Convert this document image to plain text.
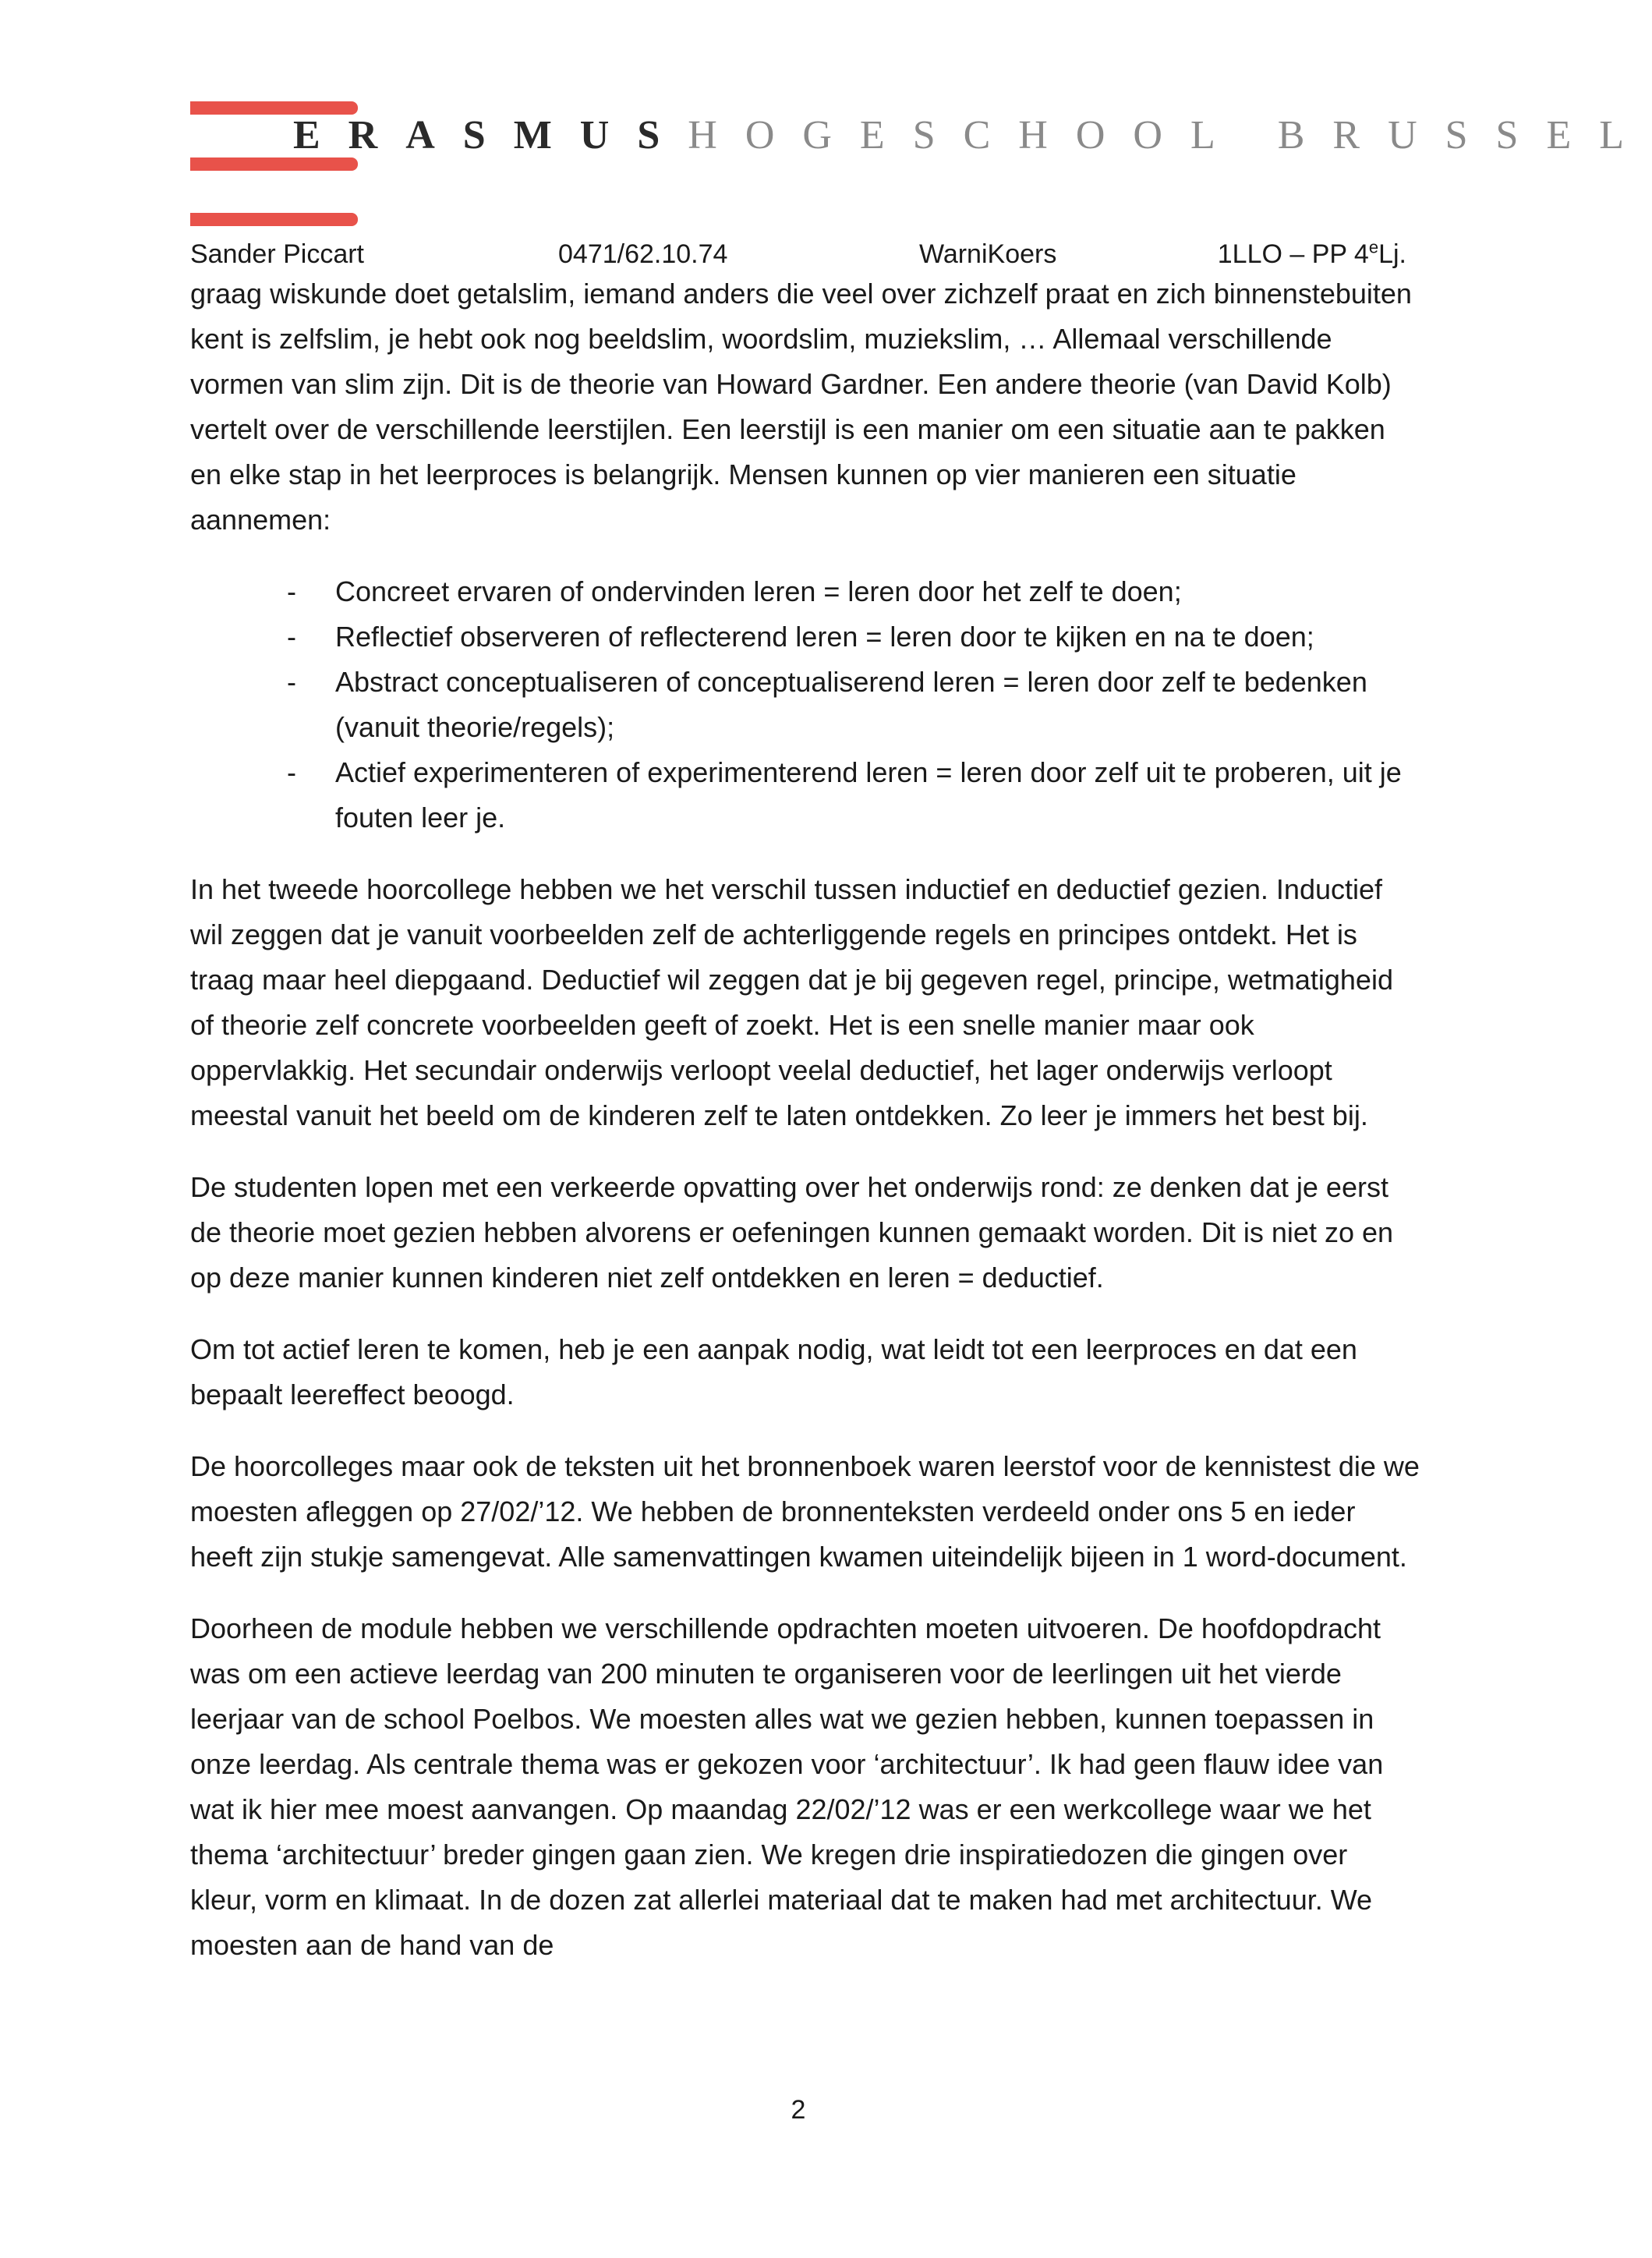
ERASMUSHOGESCHOOL BRUSSEL
Sander Piccart	0471/62.10.74	WarniKoers	1LLO – PP 4eLj.

graag wiskunde doet getalslim, iemand anders die veel over zichzelf praat en zich binnenstebuiten kent is zelfslim, je hebt ook nog beeldslim, woordslim, muziekslim, … Allemaal verschillende vormen van slim zijn. Dit is de theorie van Howard Gardner. Een andere theorie (van David Kolb) vertelt over de verschillende leerstijlen. Een leerstijl is een manier om een situatie aan te pakken en elke stap in het leerproces is belangrijk. Mensen kunnen op vier manieren een situatie aannemen:

- Concreet ervaren of ondervinden leren = leren door het zelf te doen;
- Reflectief observeren of reflecterend leren = leren door te kijken en na te doen;
- Abstract conceptualiseren of conceptualiserend leren = leren door zelf te bedenken (vanuit theorie/regels);
- Actief experimenteren of experimenterend leren = leren door zelf uit te proberen, uit je fouten leer je.

In het tweede hoorcollege hebben we het verschil tussen inductief en deductief gezien. Inductief wil zeggen dat je vanuit voorbeelden zelf de achterliggende regels en principes ontdekt. Het is traag maar heel diepgaand. Deductief wil zeggen dat je bij gegeven regel, principe, wetmatigheid of theorie zelf concrete voorbeelden geeft of zoekt. Het is een snelle manier maar ook oppervlakkig. Het secundair onderwijs verloopt veelal deductief, het lager onderwijs verloopt meestal vanuit het beeld om de kinderen zelf te laten ontdekken. Zo leer je immers het best bij.

De studenten lopen met een verkeerde opvatting over het onderwijs rond: ze denken dat je eerst de theorie moet gezien hebben alvorens er oefeningen kunnen gemaakt worden. Dit is niet zo en op deze manier kunnen kinderen niet zelf ontdekken en leren = deductief.

Om tot actief leren te komen, heb je een aanpak nodig, wat leidt tot een leerproces en dat een bepaalt leereffect beoogd.

De hoorcolleges maar ook de teksten uit het bronnenboek waren leerstof voor de kennistest die we moesten afleggen op 27/02/’12. We hebben de bronnenteksten verdeeld onder ons 5 en ieder heeft zijn stukje samengevat. Alle samenvattingen kwamen uiteindelijk bijeen in 1 word-document.

Doorheen de module hebben we verschillende opdrachten moeten uitvoeren. De hoofdopdracht was om een actieve leerdag van 200 minuten te organiseren voor de leerlingen uit het vierde leerjaar van de school Poelbos. We moesten alles wat we gezien hebben, kunnen toepassen in onze leerdag. Als centrale thema was er gekozen voor ‘architectuur’. Ik had geen flauw idee van wat ik hier mee moest aanvangen. Op maandag 22/02/’12 was er een werkcollege waar we het thema ‘architectuur’ breder gingen gaan zien. We kregen drie inspiratiedozen die gingen over kleur, vorm en klimaat. In de dozen zat allerlei materiaal dat te maken had met architectuur. We moesten aan de hand van de

2
